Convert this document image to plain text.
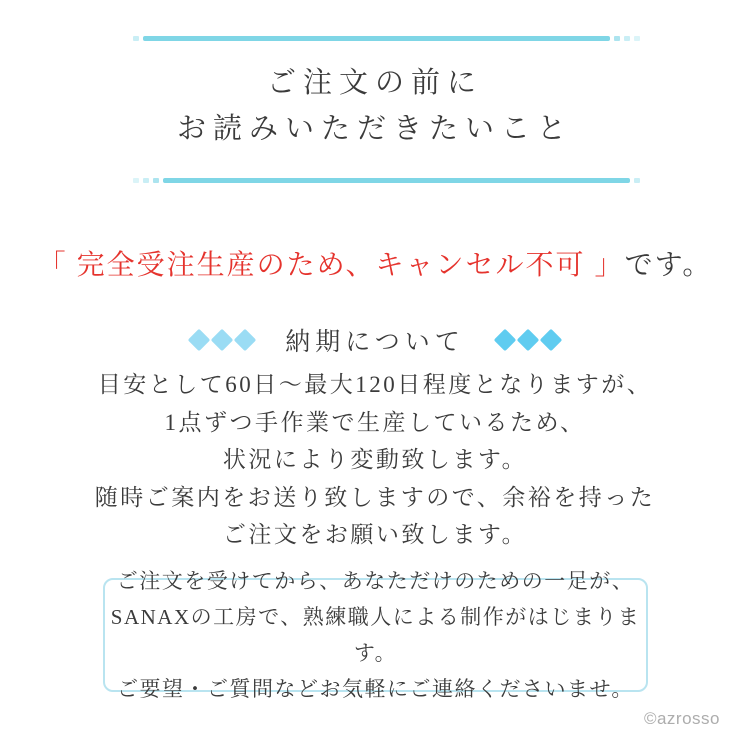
ご注文の前に

お読みいただきたいこと

「 完全受注生産のため、キャンセル不可 」です。
納期について

目安として60日〜最大120日程度となりますが、

1点ずつ手作業で生産しているため、

状況により変動致します。

随時ご案内をお送り致しますので、余裕を持った

ご注文をお願い致します。

ご注文を受けてから、あなただけのための一足が、

SANAXの工房で、熟練職人による制作がはじまります。

ご要望・ご質問などお気軽にご連絡くださいませ。

©azrosso
